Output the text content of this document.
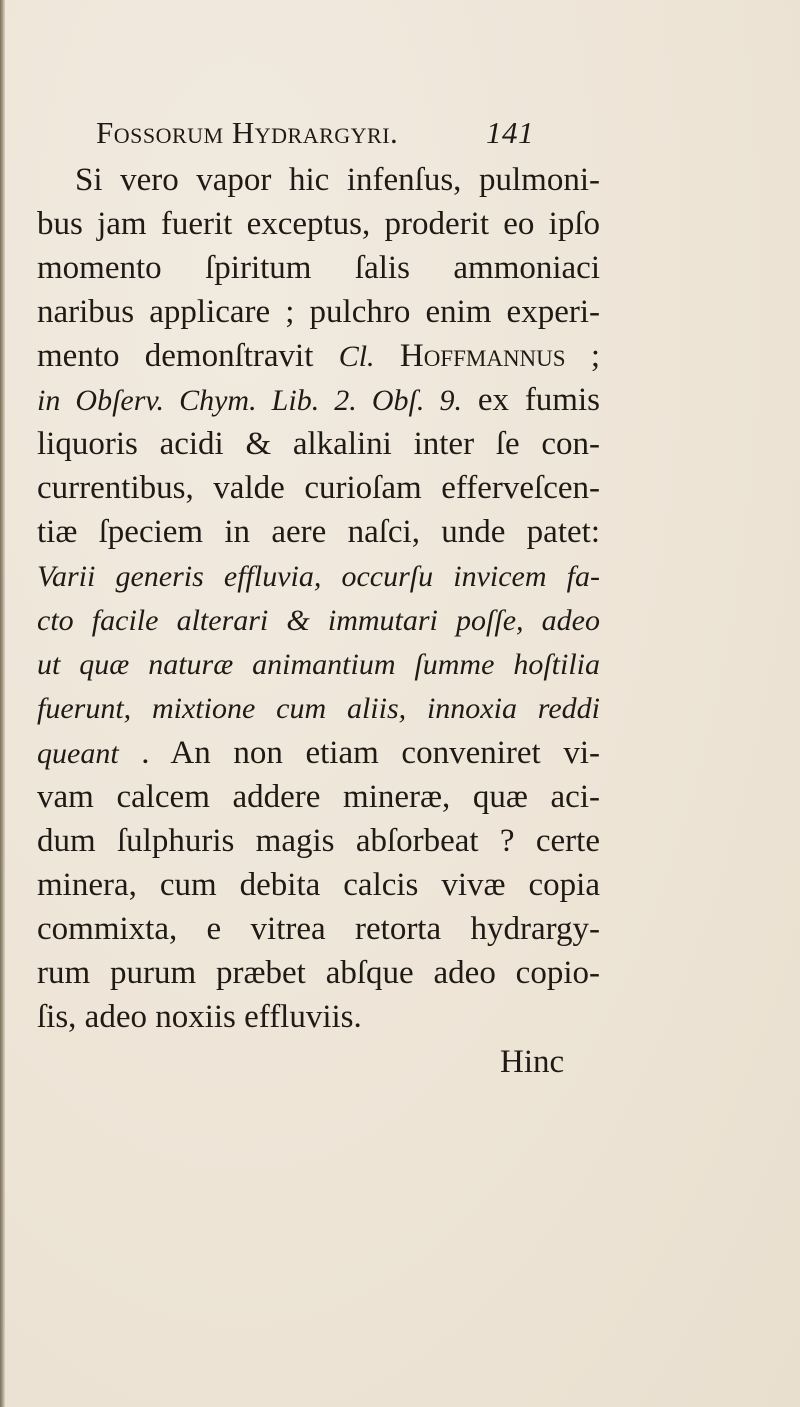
Fossorum Hydrargyri.	141
Si vero vapor hic infenſus, pulmoni-
bus jam fuerit exceptus, proderit eo ipſo
momento ſpiritum ſalis ammoniaci
naribus applicare ; pulchro enim experi-
mento demonſtravit Cl. Hoffmannus ;
in Obſerv. Chym. Lib. 2. Obſ. 9. ex fumis
liquoris acidi & alkalini inter ſe con-
currentibus, valde curioſam efferveſcen-
tiæ ſpeciem in aere naſci, unde patet:
Varii generis effluvia, occurſu invicem fa-
cto facile alterari & immutari poſſe, adeo
ut quæ naturæ animantium ſumme hoſtilia
fuerunt, mixtione cum aliis, innoxia reddi
queant . An non etiam conveniret vi-
vam calcem addere mineræ, quæ aci-
dum ſulphuris magis abſorbeat ? certe
minera, cum debita calcis vivæ copia
commixta, e vitrea retorta hydrargy-
rum purum præbet abſque adeo copio-
ſis, adeo noxiis effluviis.
Hinc
